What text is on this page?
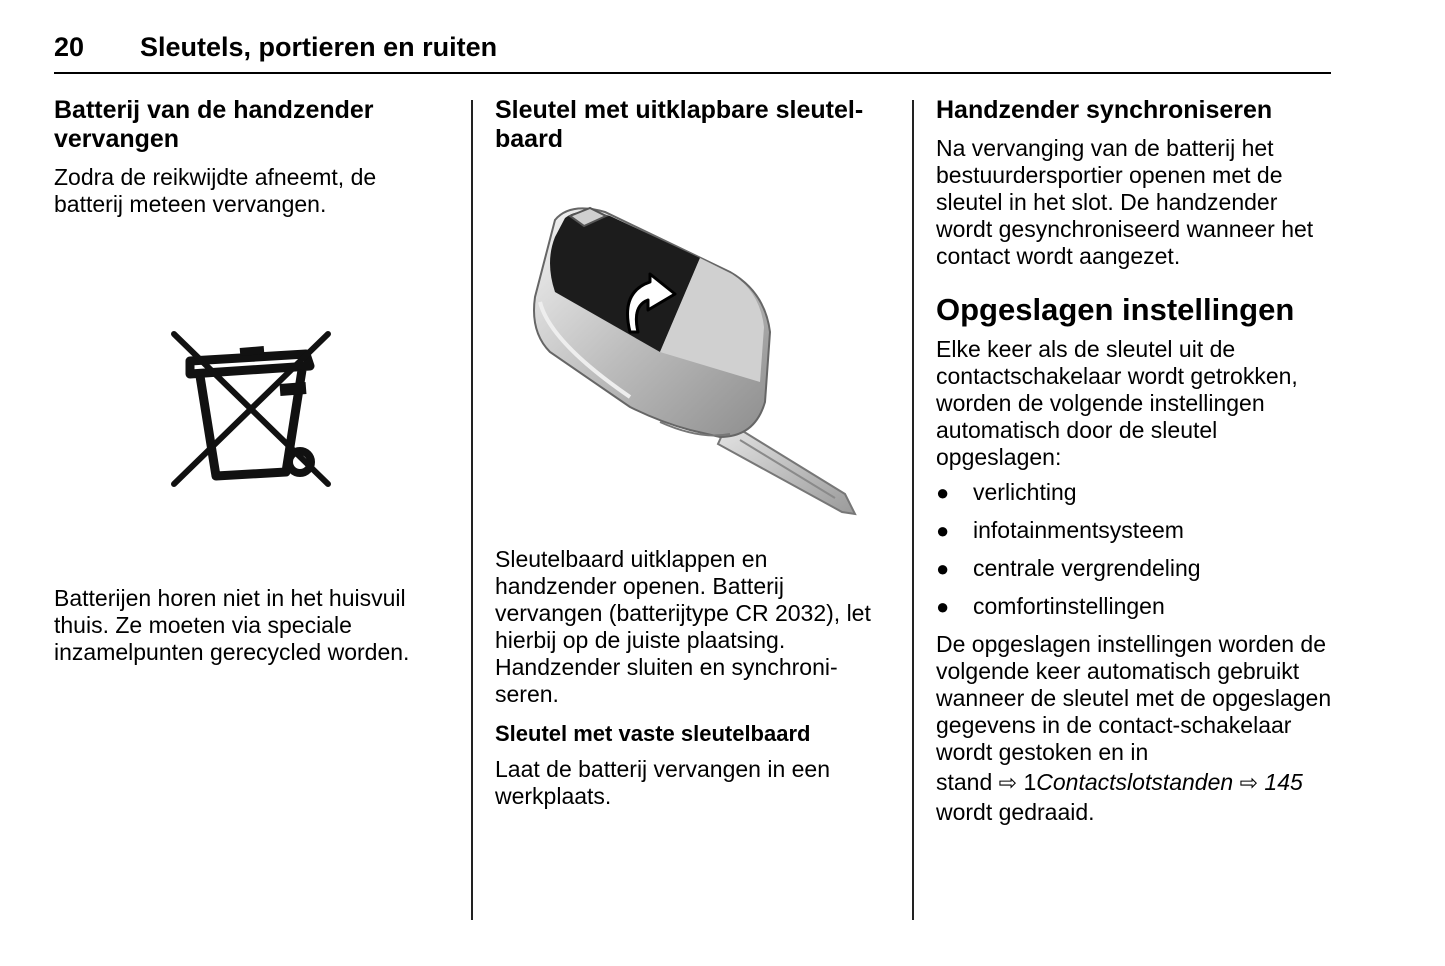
20 Sleutels, portieren en ruiten
Batterij van de handzender vervangen

Zodra de reikwijdte afneemt, de batterij meteen vervangen.

Batterijen horen niet in het huisvuil thuis. Ze moeten via speciale inzamelpunten gerecycled worden.

Sleutel met uitklapbare sleutel-baard

Sleutelbaard uitklappen en handzender openen. Batterij vervangen (batterijtype CR 2032), let hierbij op de juiste plaatsing. Handzender sluiten en synchroni-seren.

Sleutel met vaste sleutelbaard

Laat de batterij vervangen in een werkplaats.

Handzender synchroniseren

Na vervanging van de batterij het bestuurdersportier openen met de sleutel in het slot. De handzender wordt gesynchroniseerd wanneer het contact wordt aangezet.

Opgeslagen instellingen

Elke keer als de sleutel uit de contactschakelaar wordt getrokken, worden de volgende instellingen automatisch door de sleutel opgeslagen:

● verlichting
● infotainmentsysteem
● centrale vergrendeling
● comfortinstellingen

De opgeslagen instellingen worden de volgende keer automatisch gebruikt wanneer de sleutel met de opgeslagen gegevens in de contact-schakelaar wordt gestoken en in

stand ⇨ 1Contactslotstanden ⇨ 145

wordt gedraaid.
